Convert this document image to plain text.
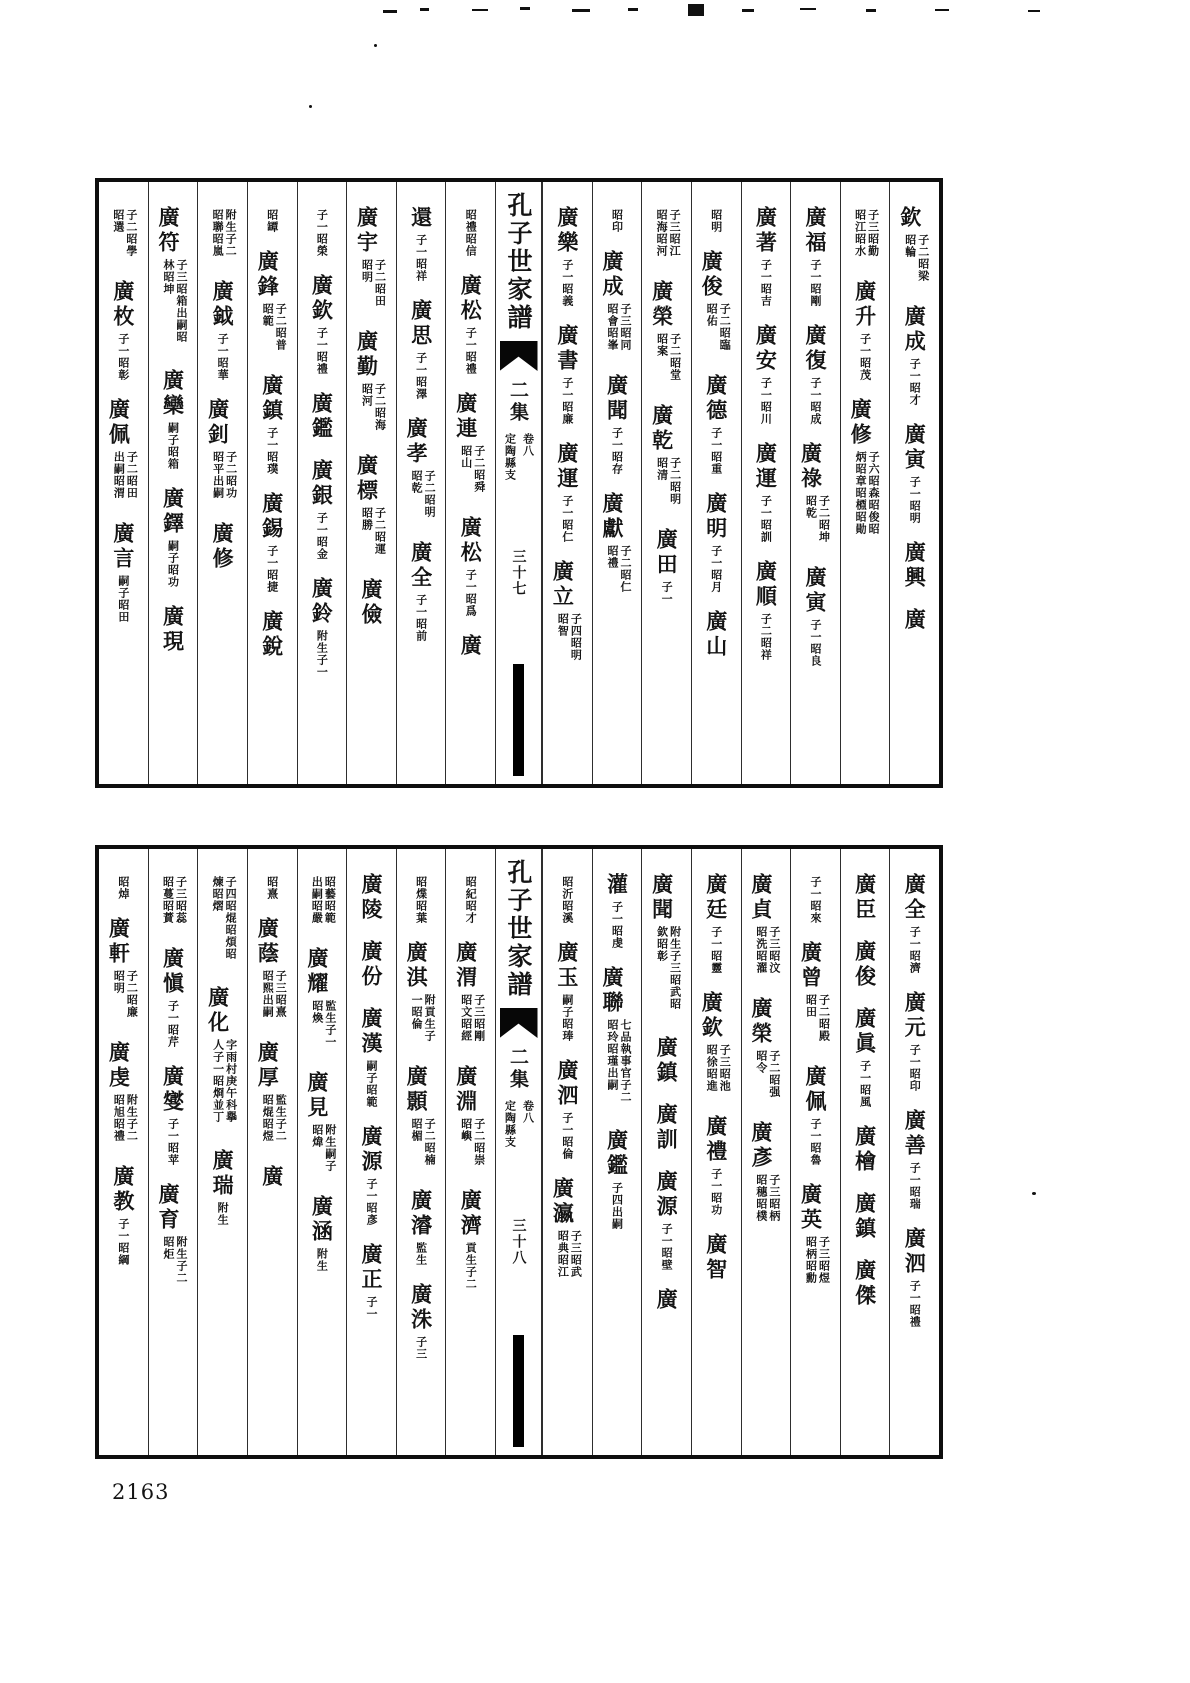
欽子二昭梁昭輪
廣成子一昭才
廣寅子一昭明
廣興
廣
子三昭勤昭江昭水
廣升子一昭茂
廣修子六昭森昭俊昭炳昭章昭槱昭勛
廣福子一昭剛
廣復子一昭成
廣祿子二昭坤昭乾
廣寅子一昭良
廣著子一昭吉
廣安子一昭川
廣運子一昭訓
廣順子二昭祥
昭明
廣俊子二昭臨昭佑
廣德子一昭重
廣明子一昭月
廣山
子三昭江昭海昭河
廣榮子二昭堂昭案
廣乾子二昭明昭清
廣田子一
昭印
廣成子三昭同昭會昭峯
廣聞子一昭存
廣獻子二昭仁昭禮
廣樂子一昭義
廣書子一昭廉
廣運子一昭仁
廣立子四昭明昭智
孔子世家譜
二集
卷八
定陶縣支
三十七
昭禮昭信
廣松子一昭禮
廣連子二昭舜昭山
廣松子一昭爲
廣
還子一昭祥
廣思子一昭澤
廣孝子二昭明昭乾
廣全子一昭前
廣宇子二昭田昭明
廣勤子二昭海昭河
廣標子二昭運昭勝
廣儉
子一昭榮
廣欽子一昭禮
廣鑑
廣銀子一昭金
廣鈴附生子一
昭罈
廣鋒子二昭普昭範
廣鎮子一昭璞
廣錫子一昭捷
廣銳
附生子二昭聯昭嵐
廣鉞子一昭華
廣釗子二昭功昭平出嗣
廣修
廣符子三昭箱出嗣昭林昭坤
廣欒嗣子昭箱
廣鐸嗣子昭功
廣現
子二昭學昭選
廣枚子一昭彰
廣佩子二昭田出嗣昭渭
廣言嗣子昭田
廣全子一昭濟
廣元子一昭印
廣善子一昭瑞
廣泗子一昭禮
廣臣
廣俊
廣眞子一昭風
廣檜
廣鎮
廣傑
子一昭來
廣曾子二昭殿昭田
廣佩子一昭魯
廣英子三昭煜昭柄昭勳
廣貞子三昭汶昭洗昭濯
廣榮子二昭强昭令
廣彥子三昭柄昭穗昭樸
廣廷子一昭靈
廣欽子三昭池昭徐昭進
廣禮子一昭功
廣智
廣聞附生子三昭武昭欽昭彰
廣鎮
廣訓
廣源子一昭壁
廣
灌子一昭虔
廣聯七品執事官子二昭玲昭瑾出嗣
廣鑑子四出嗣
昭沂昭溪
廣玉嗣子昭琫
廣泗子一昭倫
廣瀛子三昭武昭典昭江
孔子世家譜
二集
卷八
定陶縣支
三十八
昭紀昭才
廣渭子三昭剛昭文昭經
廣淵子二昭崇昭嶼
廣濟貢生子二
昭煠昭葉
廣淇附貢生子一昭倫
廣顥子二昭楠昭楣
廣濬監生
廣洙子三
廣陵
廣份
廣漢嗣子昭範
廣源子一昭彥
廣正子一
昭藝昭範出嗣昭嚴
廣耀監生子一昭煥
廣見附生嗣子昭煒
廣涵附生
昭熹
廣蔭子三昭熹昭熙出嗣
廣厚監生子二昭焜昭煜
廣
子四昭焜昭煩昭煉昭熠
廣化字雨村庚午科擧人子一昭烱並丁
廣瑞附生
子三昭蕊昭蔓昭蕡
廣愼子一昭芹
廣燮子一昭苹
廣育附生子二昭炬
昭焯
廣軒子二昭廉昭明
廣虔附生子二昭旭昭禮
廣教子一昭綱
2163
